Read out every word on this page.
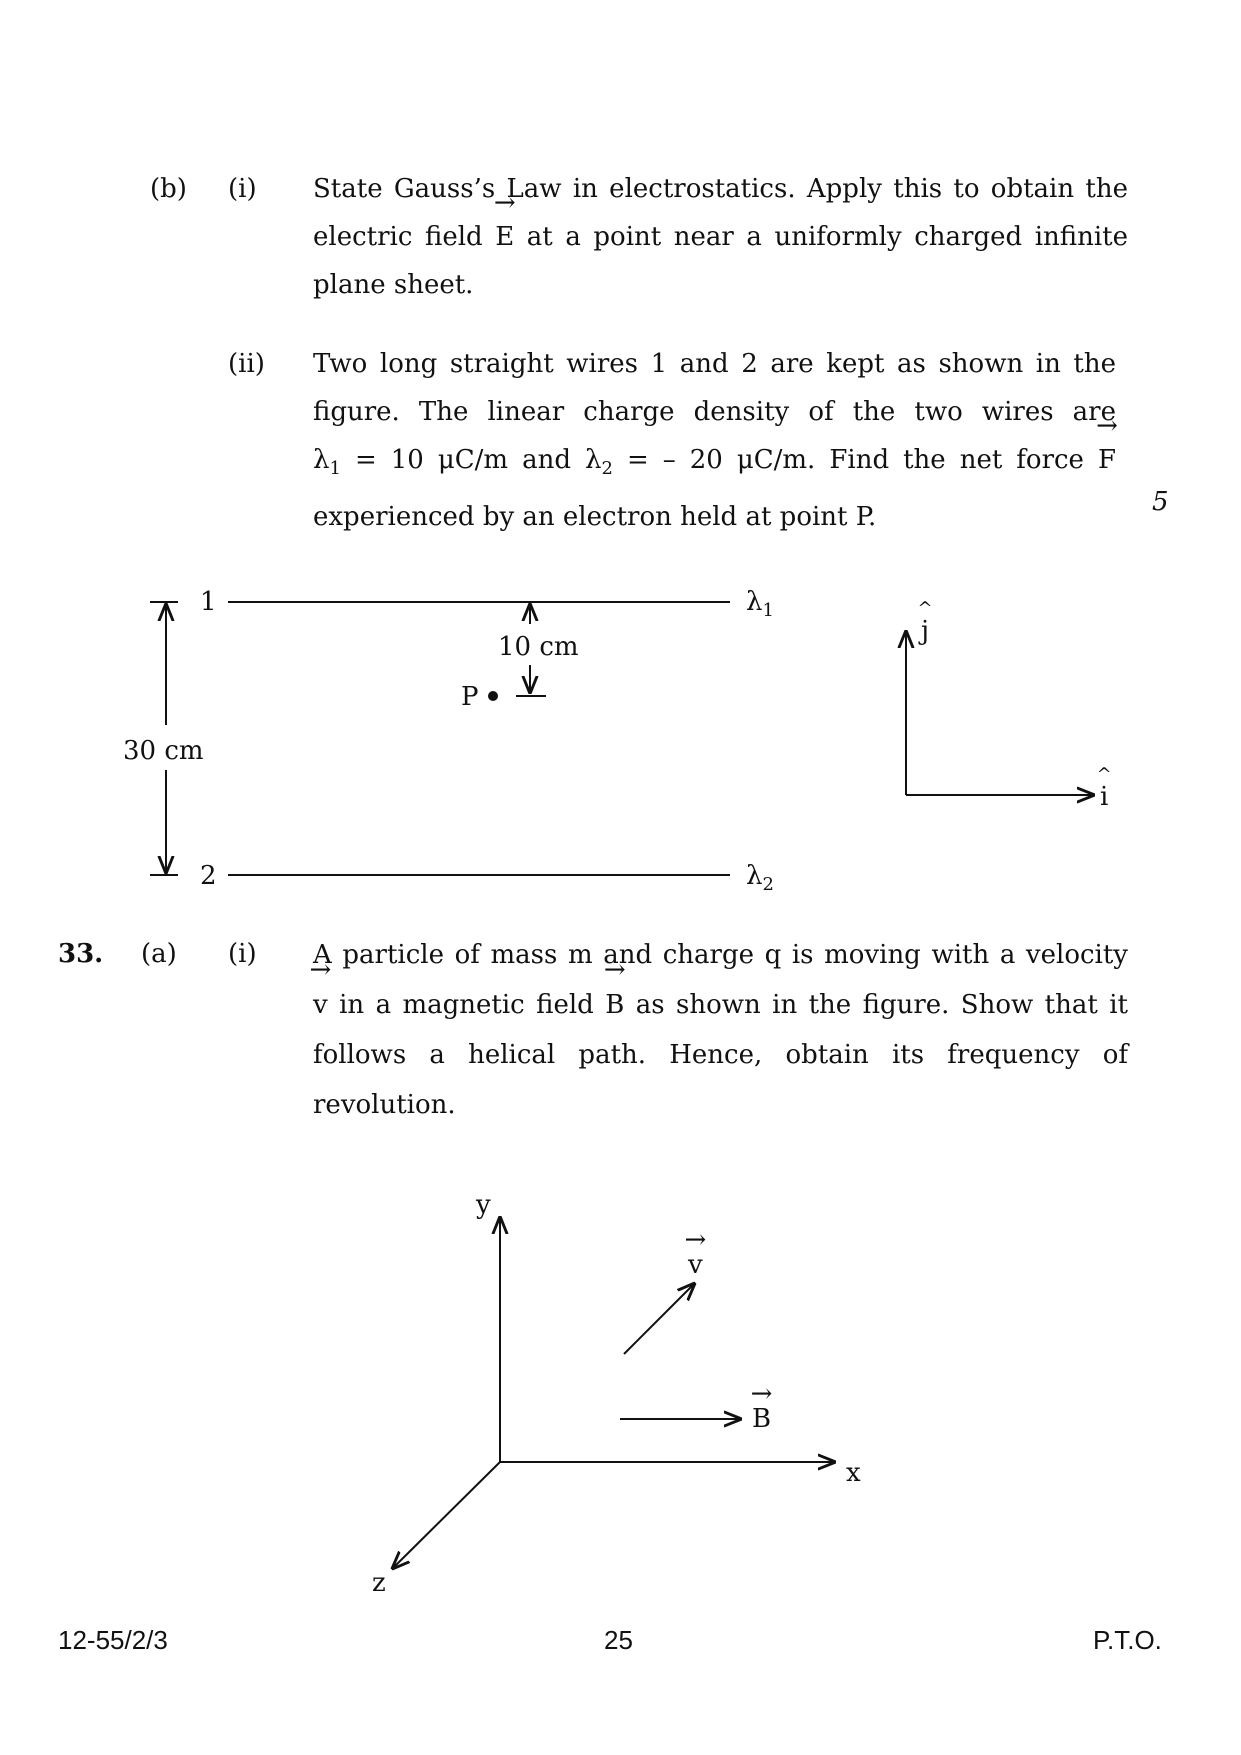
(b) (i) State Gauss’s Law in electrostatics. Apply this to obtain the
electric field → E at a point near a uniformly charged infinite
plane sheet.
(ii) Two long straight wires 1 and 2 are kept as shown in the
figure. The linear charge density of the two wires are
$\lambda_1 = 10$ μC/m and $\lambda_2$ = – 20 μC/m. Find the net force → F
experienced by an electron held at point P.
5
1
2
$\lambda_1$
$\lambda_2$
30 cm
10 cm
P
^ j
^ i
33. (a) (i) A particle of mass m and charge q is moving with a velocity
→ v in a magnetic field → B as shown in the figure. Show that it
follows a helical path. Hence, obtain its frequency of
revolution.
y
x
z
→ v
→ B
12-55/2/3	25	P.T.O.
